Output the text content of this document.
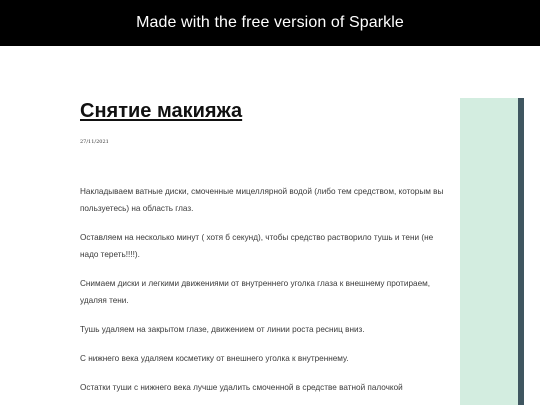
Made with the free version of Sparkle
Снятие макияжа
27/11/2021
Накладываем ватные диски, смоченные мицеллярной водой (либо тем средством, которым вы
пользуетесь) на область глаз.
Оставляем на несколько минут ( хотя б секунд), чтобы средство растворило тушь и тени (не
надо тереть!!!!).
Снимаем диски и легкими движениями от внутреннего уголка глаза к внешнему протираем,
удаляя тени.
Тушь удаляем на закрытом глазе, движением от линии роста ресниц вниз.
С нижнего века удаляем косметику от внешнего уголка к внутреннему.
Остатки туши с нижнего века лучше удалить смоченной в средстве ватной палочкой
